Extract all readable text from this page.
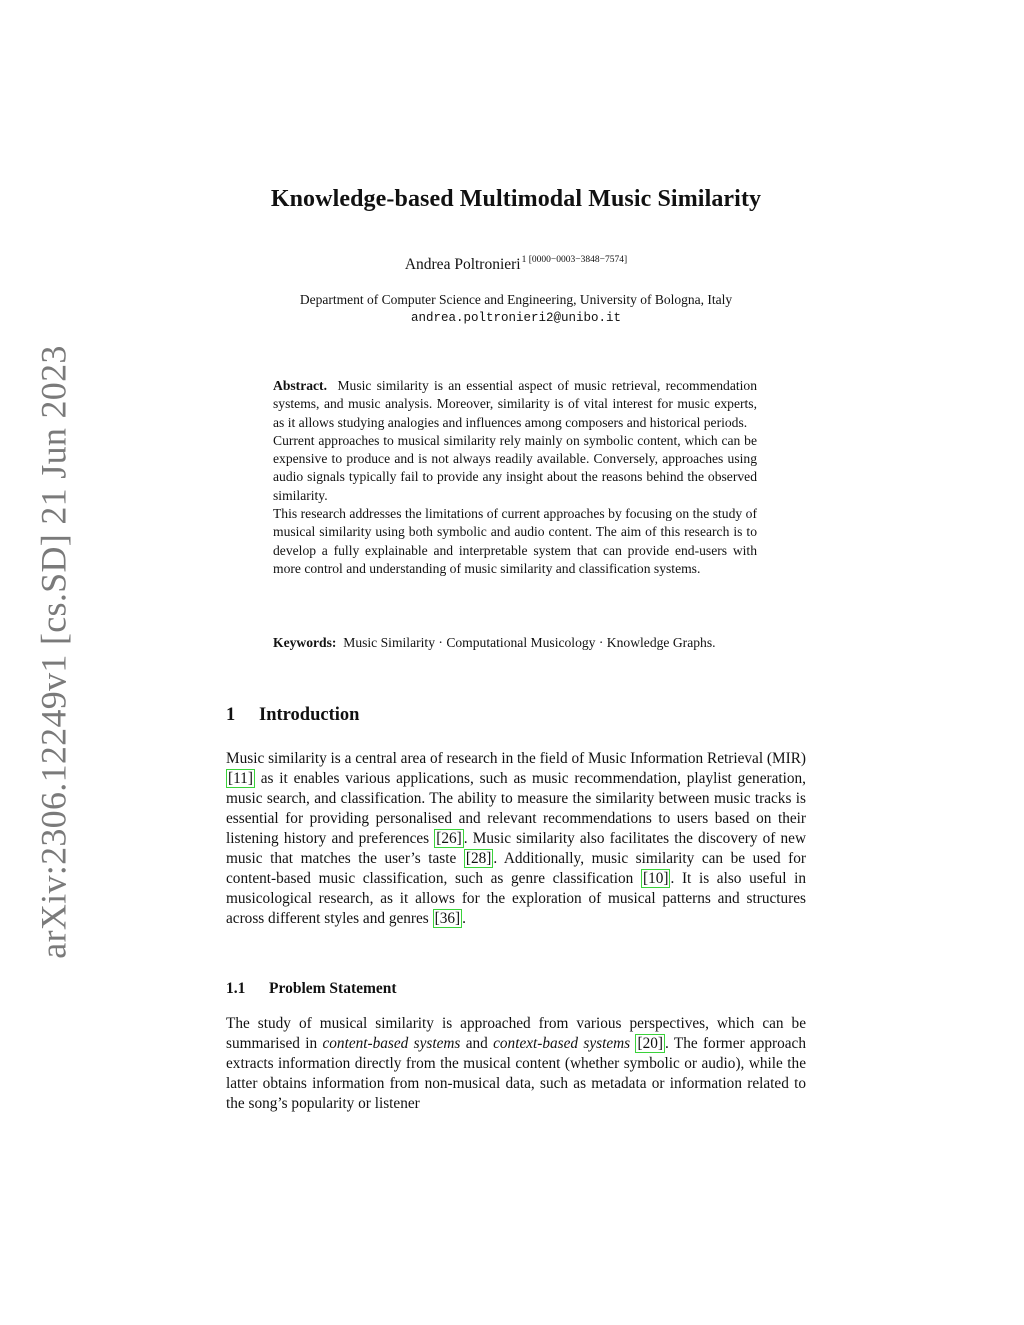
arXiv:2306.12249v1 [cs.SD] 21 Jun 2023
Knowledge-based Multimodal Music Similarity
Andrea Poltronieri$^{1 [0000-0003-3848-7574]}$
Department of Computer Science and Engineering, University of Bologna, Italy
andrea.poltronieri2@unibo.it

Abstract. Music similarity is an essential aspect of music retrieval, recommendation systems, and music analysis. Moreover, similarity is of vital interest for music experts, as it allows studying analogies and influences among composers and historical periods.

Current approaches to musical similarity rely mainly on symbolic content, which can be expensive to produce and is not always readily available. Conversely, approaches using audio signals typically fail to provide any insight about the reasons behind the observed similarity.

This research addresses the limitations of current approaches by focusing on the study of musical similarity using both symbolic and audio content. The aim of this research is to develop a fully explainable and interpretable system that can provide end-users with more control and understanding of music similarity and classification systems.

Keywords: Music Similarity · Computational Musicology · Knowledge Graphs.
1 Introduction

Music similarity is a central area of research in the field of Music Information Retrieval (MIR) [11] as it enables various applications, such as music recommendation, playlist generation, music search, and classification. The ability to measure the similarity between music tracks is essential for providing personalised and relevant recommendations to users based on their listening history and preferences [26] . Music similarity also facilitates the discovery of new music that matches the user’s taste [28] . Additionally, music similarity can be used for content-based music classification, such as genre classification [10] . It is also useful in musicological research, as it allows for the exploration of musical patterns and structures across different styles and genres [36] .

1.1 Problem Statement

The study of musical similarity is approached from various perspectives, which can be summarised in content-based systems and context-based systems [20] . The former approach extracts information directly from the musical content (whether symbolic or audio), while the latter obtains information from non-musical data, such as metadata or information related to the song’s popularity or listener
